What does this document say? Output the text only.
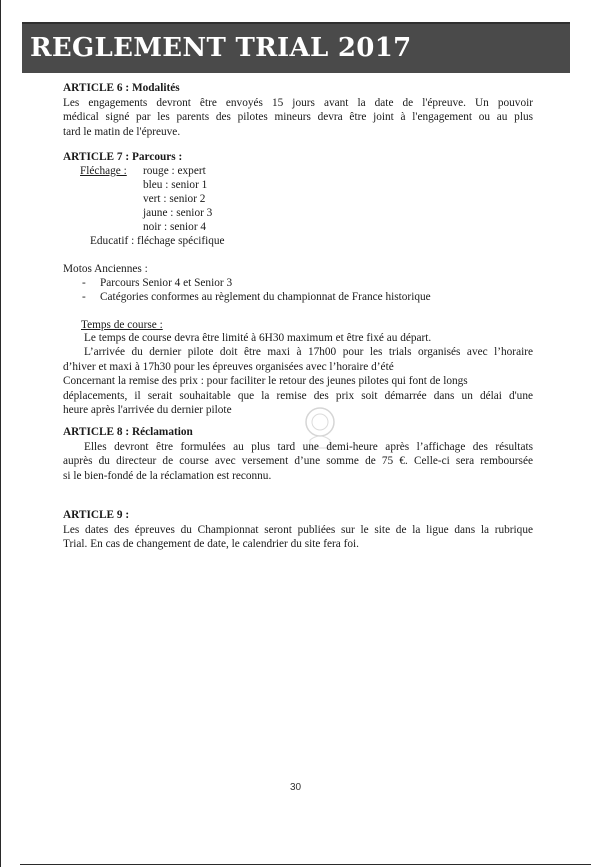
REGLEMENT TRIAL 2017
ARTICLE 6 : Modalités
Les engagements devront être envoyés 15 jours avant la date de l'épreuve. Un pouvoir
médical signé par les parents des pilotes mineurs devra être joint à l'engagement ou au plus
tard le matin de l'épreuve.
ARTICLE 7 : Parcours :
Fléchage : rouge : expert
bleu : senior 1
vert : senior 2
jaune : senior 3
noir : senior 4
Educatif : fléchage spécifique
Motos Anciennes :
- Parcours Senior 4 et Senior 3
- Catégories conformes au règlement du championnat de France historique
Temps de course :
Le temps de course devra être limité à 6H30 maximum et être fixé au départ.
L’arrivée du dernier pilote doit être maxi à 17h00 pour les trials organisés avec l’horaire
d’hiver et maxi à 17h30 pour les épreuves organisées avec l’horaire d’été
Concernant la remise des prix : pour faciliter le retour des jeunes pilotes qui font de longs
déplacements, il serait souhaitable que la remise des prix soit démarrée dans un délai d'une
heure après l'arrivée du dernier pilote
ARTICLE 8 : Réclamation
Elles devront être formulées au plus tard une demi-heure après l’affichage des résultats
auprès du directeur de course avec versement d’une somme de 75 €. Celle-ci sera remboursée
si le bien-fondé de la réclamation est reconnu.
ARTICLE 9 :
Les dates des épreuves du Championnat seront publiées sur le site de la ligue dans la rubrique
Trial. En cas de changement de date, le calendrier du site fera foi.
30
